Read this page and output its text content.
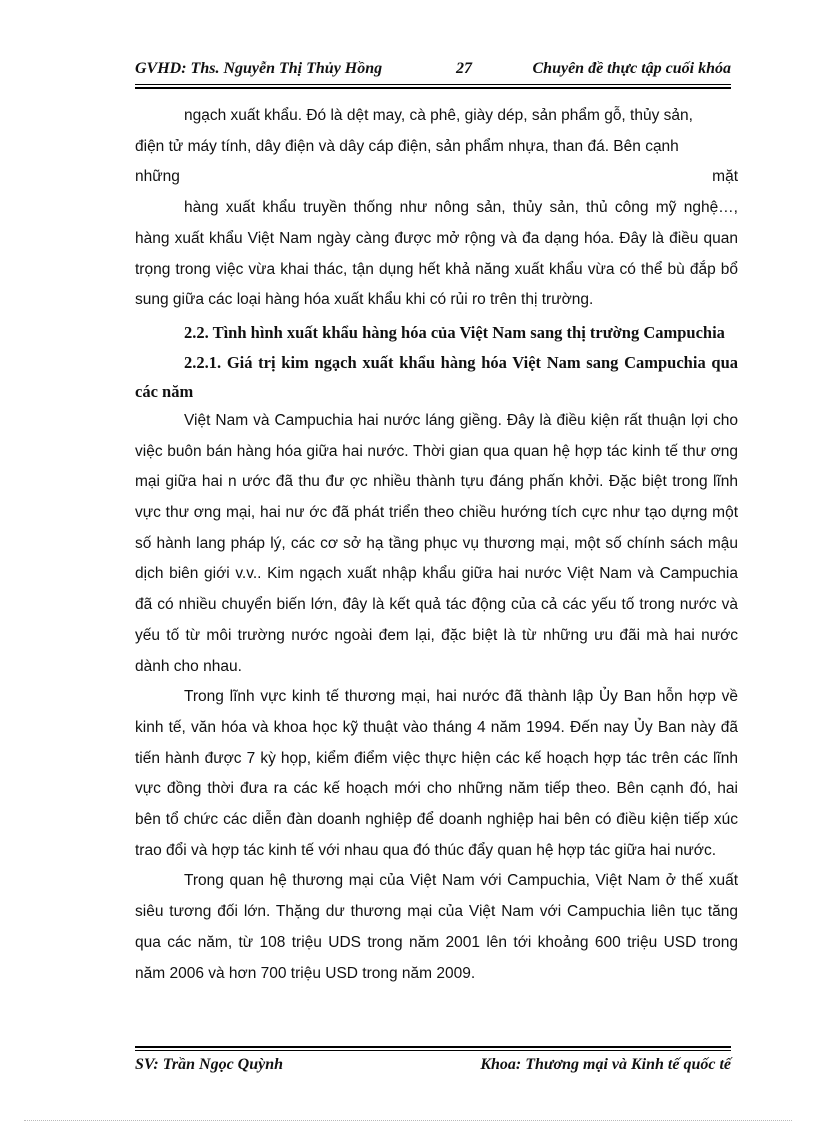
GVHD: Ths. Nguyễn Thị Thủy Hồng	27	Chuyên đề thực tập cuối khóa

ngạch xuất khẩu. Đó là dệt may, cà phê, giày dép, sản phẩm gỗ, thủy sản,

điện tử máy tính, dây điện và dây cáp điện, sản phẩm nhựa, than đá. Bên cạnh

những	mặt

hàng xuất khẩu truyền thống như nông sản, thủy sản, thủ công mỹ nghệ…, hàng xuất khẩu Việt Nam ngày càng được mở rộng và đa dạng hóa. Đây là điều quan trọng trong việc vừa khai thác, tận dụng hết khả năng xuất khẩu vừa có thể bù đắp bổ sung giữa các loại hàng hóa xuất khẩu khi có rủi ro trên thị trường.

2.2. Tình hình xuất khẩu hàng hóa của Việt Nam sang thị trường Campuchia

2.2.1. Giá trị kim ngạch xuất khẩu hàng hóa Việt Nam sang Campuchia qua các năm

Việt Nam và Campuchia hai nước láng giềng. Đây là điều kiện rất thuận lợi cho việc buôn bán hàng hóa giữa hai nước. Thời gian qua quan hệ hợp tác kinh tế thư ơng mại giữa hai n ước đã thu đư ợc nhiều thành tựu đáng phấn khởi. Đặc biệt trong lĩnh vực thư ơng mại, hai nư ớc đã phát triển theo chiều hướng tích cực như tạo dựng một số hành lang pháp lý, các cơ sở hạ tầng phục vụ thương mại, một số chính sách mậu dịch biên giới v.v.. Kim ngạch xuất nhập khẩu giữa hai nước Việt Nam và Campuchia đã có nhiều chuyển biến lớn, đây là kết quả tác động của cả các yếu tố trong nước và yếu tố từ môi trường nước ngoài đem lại, đặc biệt là từ những ưu đãi mà hai nước dành cho nhau.

Trong lĩnh vực kinh tế thương mại, hai nước đã thành lập Ủy Ban hỗn hợp về kinh tế, văn hóa và khoa học kỹ thuật vào tháng 4 năm 1994. Đến nay Ủy Ban này đã tiến hành được 7 kỳ họp, kiểm điểm việc thực hiện các kế hoạch hợp tác trên các lĩnh vực đồng thời đưa ra các kế hoạch mới cho những năm tiếp theo. Bên cạnh đó, hai bên tổ chức các diễn đàn doanh nghiệp để doanh nghiệp hai bên có điều kiện tiếp xúc trao đổi và hợp tác kinh tế với nhau qua đó thúc đẩy quan hệ hợp tác giữa hai nước.

Trong quan hệ thương mại của Việt Nam với Campuchia, Việt Nam ở thế xuất siêu tương đối lớn. Thặng dư thương mại của Việt Nam với Campuchia liên tục tăng qua các năm, từ 108 triệu UDS trong năm 2001 lên tới khoảng 600 triệu USD trong năm 2006 và hơn 700 triệu USD trong năm 2009.

SV: Trần Ngọc Quỳnh	Khoa: Thương mại và Kinh tế quốc tế
